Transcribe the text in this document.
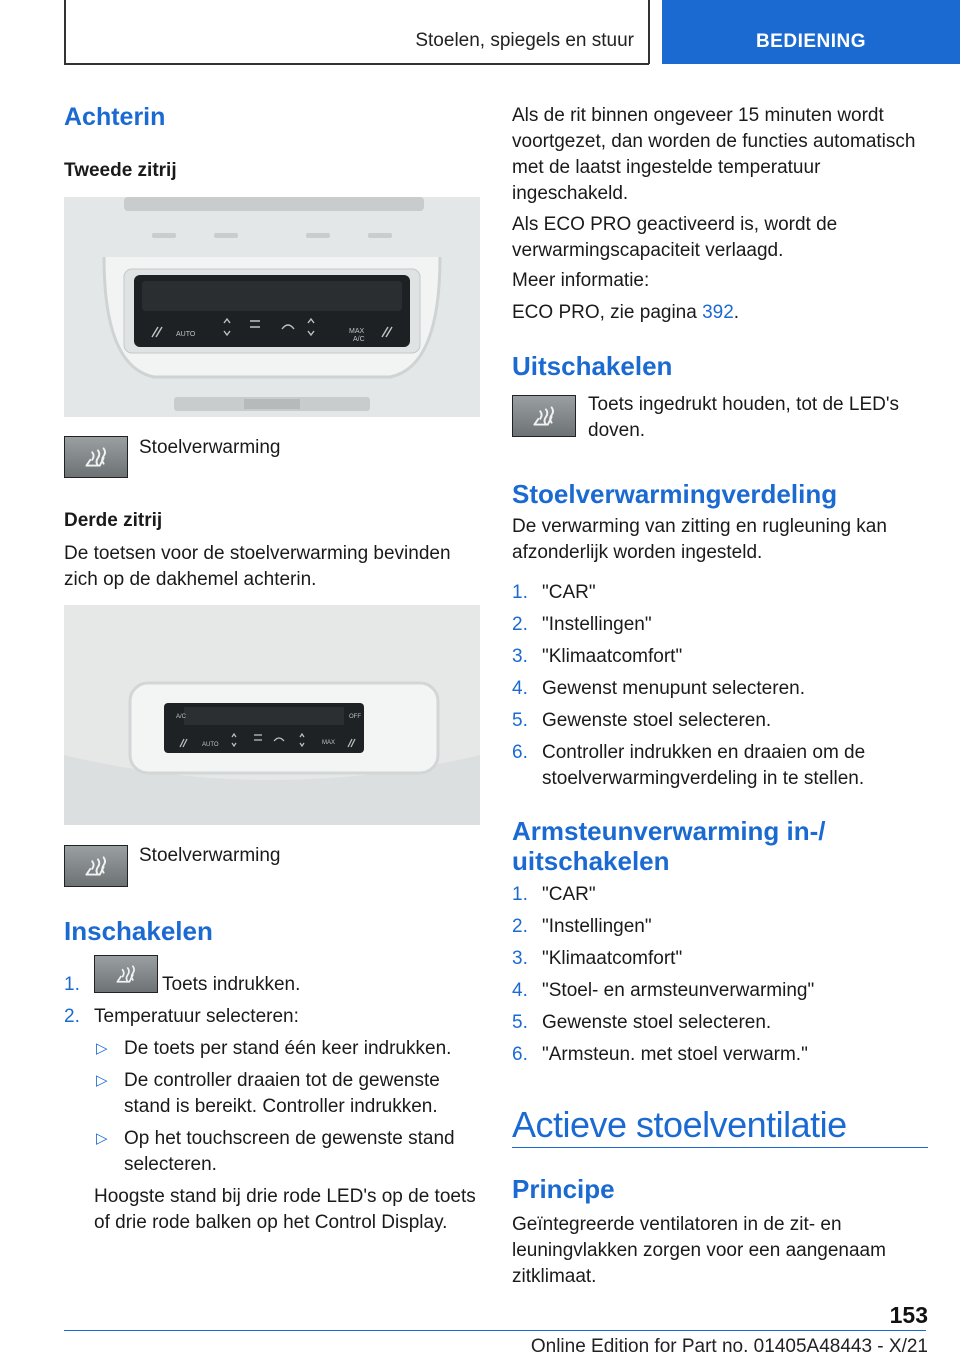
Stoelen, spiegels en stuur	BEDIENING
Achterin
Tweede zitrij
AUTO	MAX
A/C
Stoelverwarming
Derde zitrij

De toetsen voor de stoelverwarming bevinden zich op de dakhemel achterin.

A/C	OFF
AUTO	MAX
Stoelverwarming
Inschakelen
1.	Toets indrukken.
2. Temperatuur selecteren:
▷ De toets per stand één keer indrukken.
▷ De controller draaien tot de gewenste stand is bereikt. Controller indrukken.
▷ Op het touchscreen de gewenste stand selecteren.

Hoogste stand bij drie rode LED's op de toets of drie rode balken op het Control Display.

Als de rit binnen ongeveer 15 minuten wordt voortgezet, dan worden de functies automatisch met de laatst ingestelde temperatuur ingeschakeld.

Als ECO PRO geactiveerd is, wordt de verwarmingscapaciteit verlaagd.

Meer informatie:

ECO PRO, zie pagina 392.

Uitschakelen

Toets ingedrukt houden, tot de LED's doven.

Stoelverwarmingverdeling

De verwarming van zitting en rugleuning kan afzonderlijk worden ingesteld.

1. "CAR"
2. "Instellingen"
3. "Klimaatcomfort"
4. Gewenst menupunt selecteren.
5. Gewenste stoel selecteren.
6. Controller indrukken en draaien om de stoelverwarmingverdeling in te stellen.
Armsteunverwarming in-/ uitschakelen
1. "CAR"
2. "Instellingen"
3. "Klimaatcomfort"
4. "Stoel- en armsteunverwarming"
5. Gewenste stoel selecteren.
6. "Armsteun. met stoel verwarm."
Actieve stoelventilatie
Principe

Geïntegreerde ventilatoren in de zit- en leuningvlakken zorgen voor een aangenaam zitklimaat.

153
Online Edition for Part no. 01405A48443 - X/21
